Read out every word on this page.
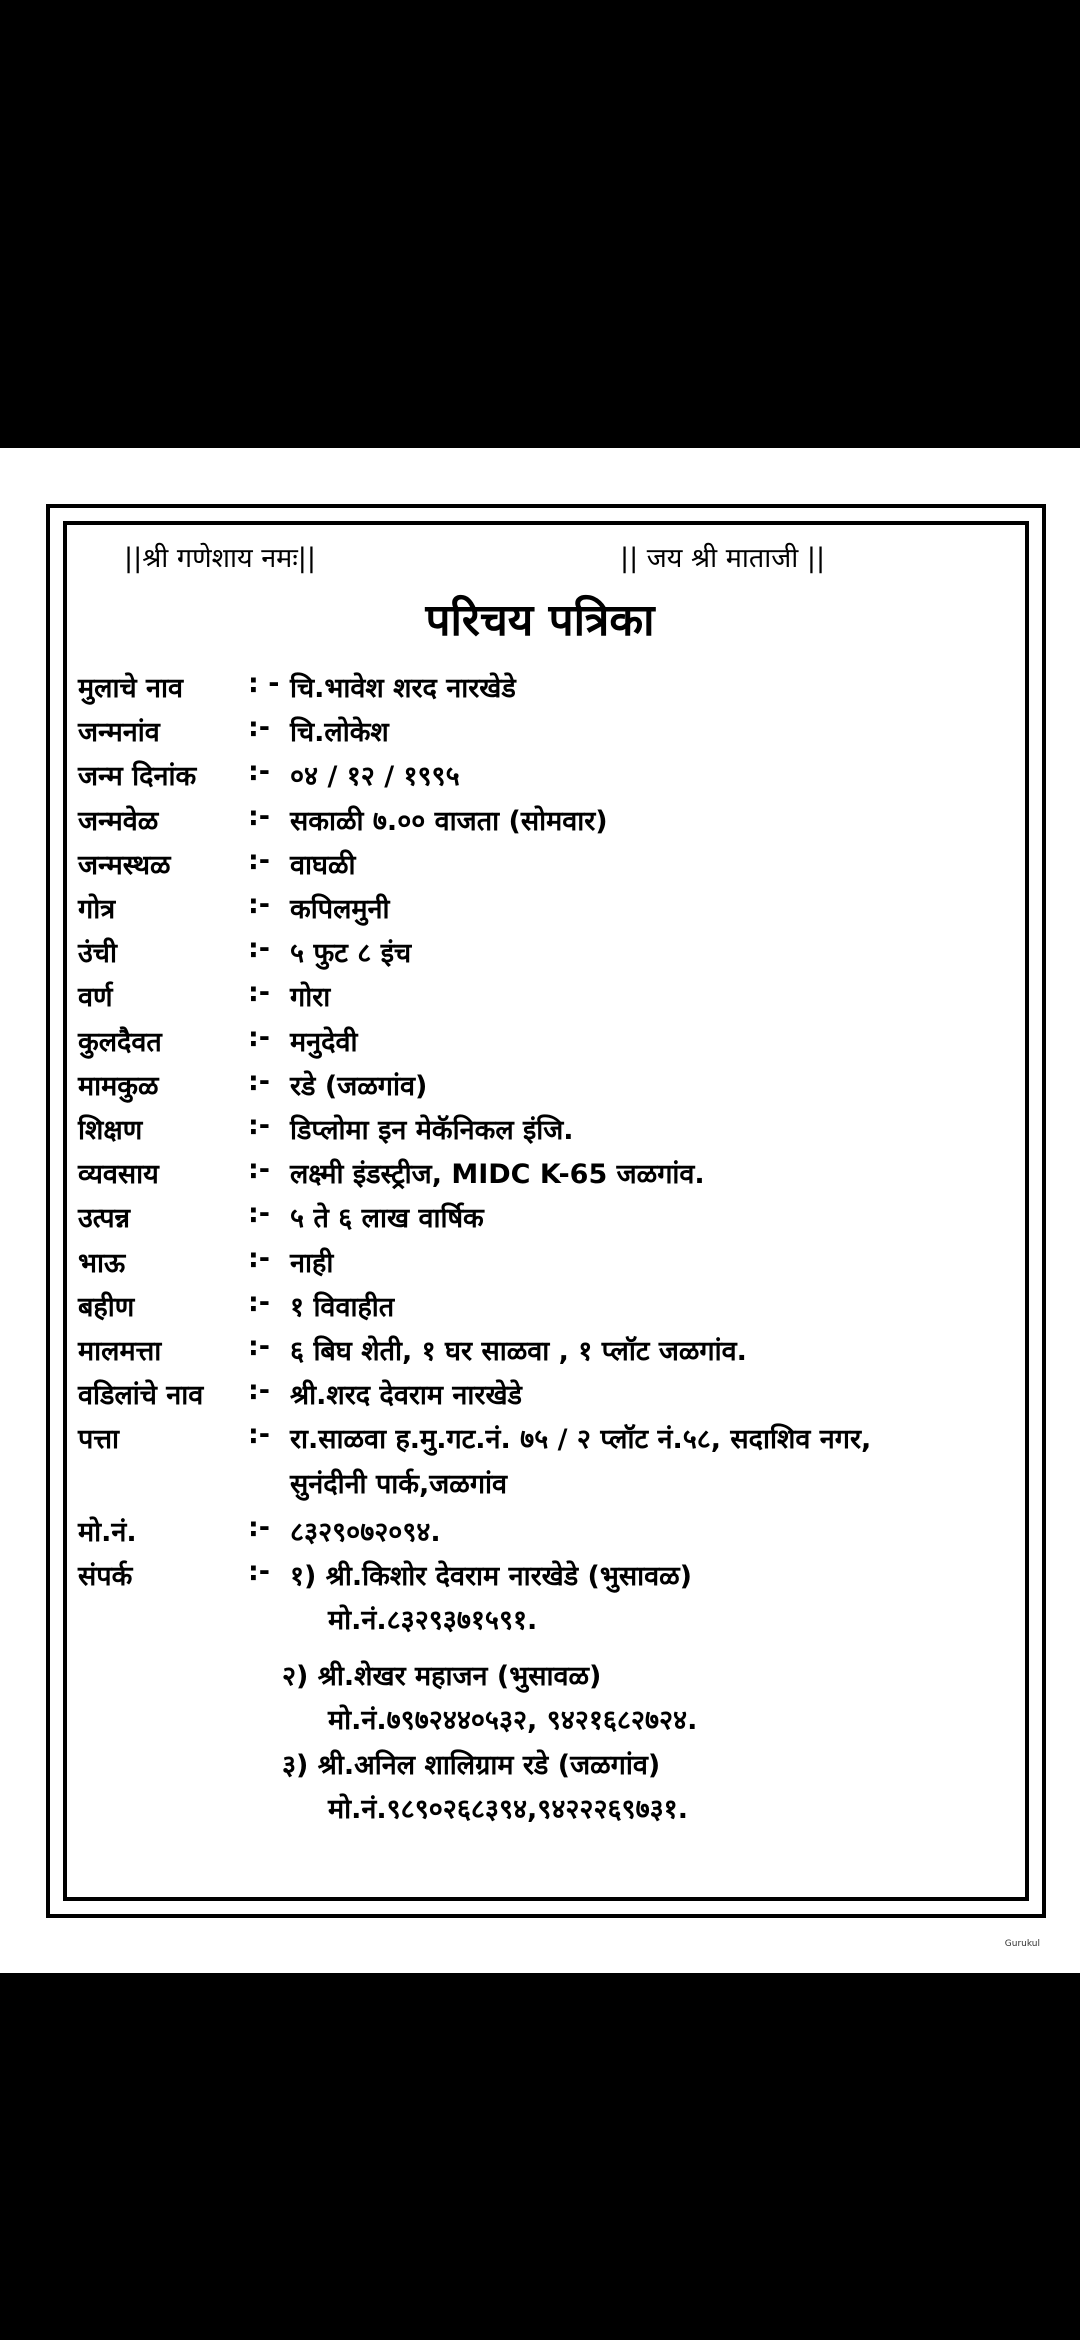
||श्री गणेशाय नमः||	|| जय श्री माताजी ||
परिचय पत्रिका
मुलाचे नाव : - चि.भावेश शरद नारखेडे
जन्मनांव	:- चि.लोकेश
जन्म दिनांक :- ०४ / १२ / १९९५
जन्मवेळ	:- सकाळी ७.०० वाजता (सोमवार)
जन्मस्थळ	:- वाघळी
गोत्र	:- कपिलमुनी
उंची	:- ५ फुट ८ इंच
वर्ण	:- गोरा
कुलदैवत	:- मनुदेवी
मामकुळ	:- रडे (जळगांव)
शिक्षण	:- डिप्लोमा इन मेकॅनिकल इंजि.
व्यवसाय	:- लक्ष्मी इंडस्ट्रीज, MIDC K-65 जळगांव.
उत्पन्न	:- ५ ते ६ लाख वार्षिक
भाऊ	:- नाही
बहीण	:- १ विवाहीत
मालमत्ता	:- ६ बिघ शेती, १ घर साळवा , १ प्लॉट जळगांव.
वडिलांचे नाव :- श्री.शरद देवराम नारखेडे
पत्ता	:- रा.साळवा ह.मु.गट.नं. ७५ / २ प्लॉट नं.५८, सदाशिव नगर,
सुनंदीनी पार्क,जळगांव
मो.नं.	:- ८३२९०७२०९४.
संपर्क	:- १) श्री.किशोर देवराम नारखेडे (भुसावळ)
मो.नं.८३२९३७१५९१.
२) श्री.शेखर महाजन (भुसावळ)
मो.नं.७९७२४४०५३२, ९४२१६८२७२४.
३) श्री.अनिल शालिग्राम रडे (जळगांव)
मो.नं.९८९०२६८३९४,९४२२२६९७३१.
Gurukul
